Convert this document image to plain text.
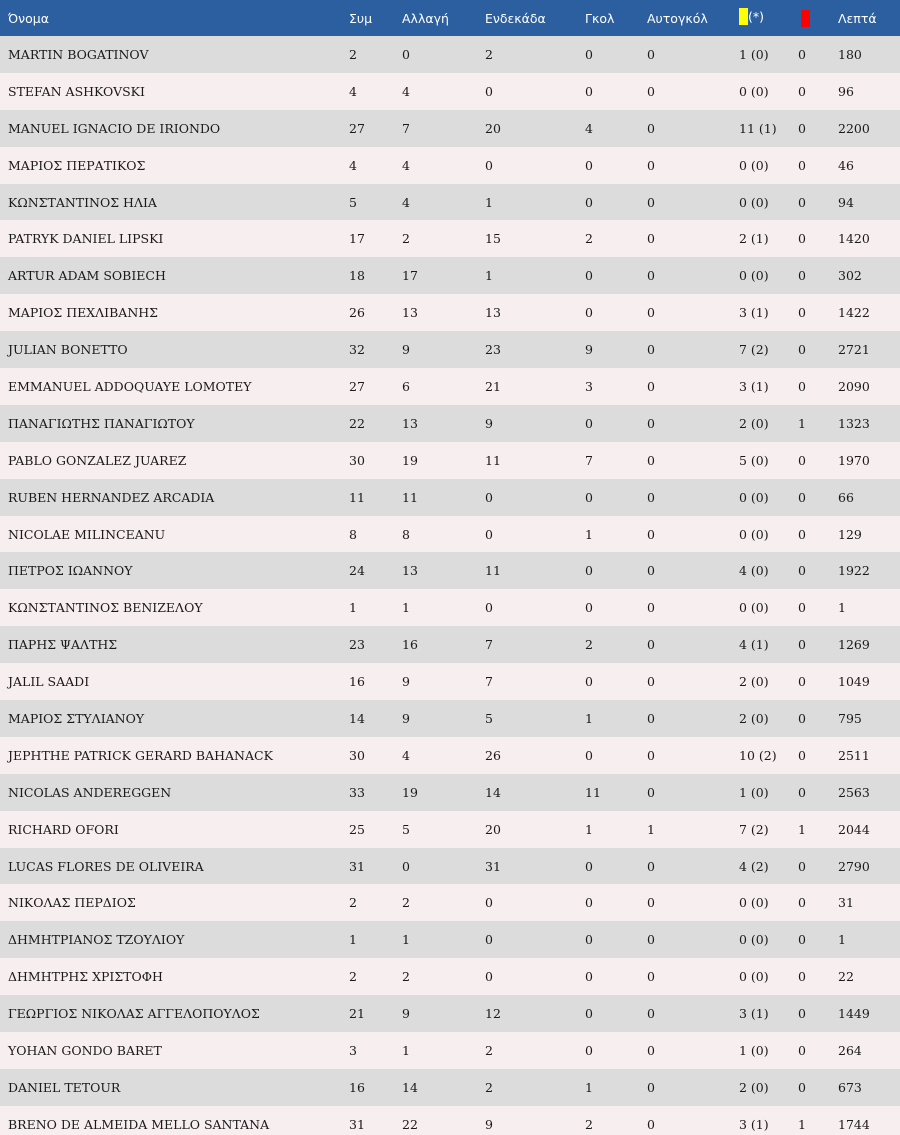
Όνομα	Συμ	Αλλαγή	Ενδεκάδα	Γκολ	Αυτογκόλ	(*)		Λεπτά
MARTIN BOGATINOV	2	0	2	0	0	1 (0)	0	180
STEFAN ASHKOVSKI	4	4	0	0	0	0 (0)	0	96
MANUEL IGNACIO DE IRIONDO	27	7	20	4	0	11 (1)	0	2200
ΜΑΡΙΟΣ ΠΕΡΑΤΙΚΟΣ	4	4	0	0	0	0 (0)	0	46
ΚΩΝΣΤΑΝΤΙΝΟΣ ΗΛΙΑ	5	4	1	0	0	0 (0)	0	94
PATRYK DANIEL LIPSKI	17	2	15	2	0	2 (1)	0	1420
ARTUR ADAM SOBIECH	18	17	1	0	0	0 (0)	0	302
ΜΑΡΙΟΣ ΠΕΧΛΙΒΑΝΗΣ	26	13	13	0	0	3 (1)	0	1422
JULIAN BONETTO	32	9	23	9	0	7 (2)	0	2721
EMMANUEL ADDOQUAYE LOMOTEY	27	6	21	3	0	3 (1)	0	2090
ΠΑΝΑΓΙΩΤΗΣ ΠΑΝΑΓΙΩΤΟΥ	22	13	9	0	0	2 (0)	1	1323
PABLO GONZALEZ JUAREZ	30	19	11	7	0	5 (0)	0	1970
RUBEN HERNANDEZ ARCADIA	11	11	0	0	0	0 (0)	0	66
NICOLAE MILINCEANU	8	8	0	1	0	0 (0)	0	129
ΠΕΤΡΟΣ ΙΩΑΝΝΟΥ	24	13	11	0	0	4 (0)	0	1922
ΚΩΝΣΤΑΝΤΙΝΟΣ ΒΕΝΙΖΕΛΟΥ	1	1	0	0	0	0 (0)	0	1
ΠΑΡΗΣ ΨΑΛΤΗΣ	23	16	7	2	0	4 (1)	0	1269
JALIL SAADI	16	9	7	0	0	2 (0)	0	1049
ΜΑΡΙΟΣ ΣΤΥΛΙΑΝΟΥ	14	9	5	1	0	2 (0)	0	795
JEPHTHE PATRICK GERARD BAHANACK	30	4	26	0	0	10 (2)	0	2511
NICOLAS ANDEREGGEN	33	19	14	11	0	1 (0)	0	2563
RICHARD OFORI	25	5	20	1	1	7 (2)	1	2044
LUCAS FLORES DE OLIVEIRA	31	0	31	0	0	4 (2)	0	2790
ΝΙΚΟΛΑΣ ΠΕΡΔΙΟΣ	2	2	0	0	0	0 (0)	0	31
ΔΗΜΗΤΡΙΑΝΟΣ ΤΖΟΥΛΙΟΥ	1	1	0	0	0	0 (0)	0	1
ΔΗΜΗΤΡΗΣ ΧΡΙΣΤΟΦΗ	2	2	0	0	0	0 (0)	0	22
ΓΕΩΡΓΙΟΣ ΝΙΚΟΛΑΣ ΑΓΓΕΛΟΠΟΥΛΟΣ	21	9	12	0	0	3 (1)	0	1449
YOHAN GONDO BARET	3	1	2	0	0	1 (0)	0	264
DANIEL TETOUR	16	14	2	1	0	2 (0)	0	673
BRENO DE ALMEIDA MELLO SANTANA	31	22	9	2	0	3 (1)	1	1744
